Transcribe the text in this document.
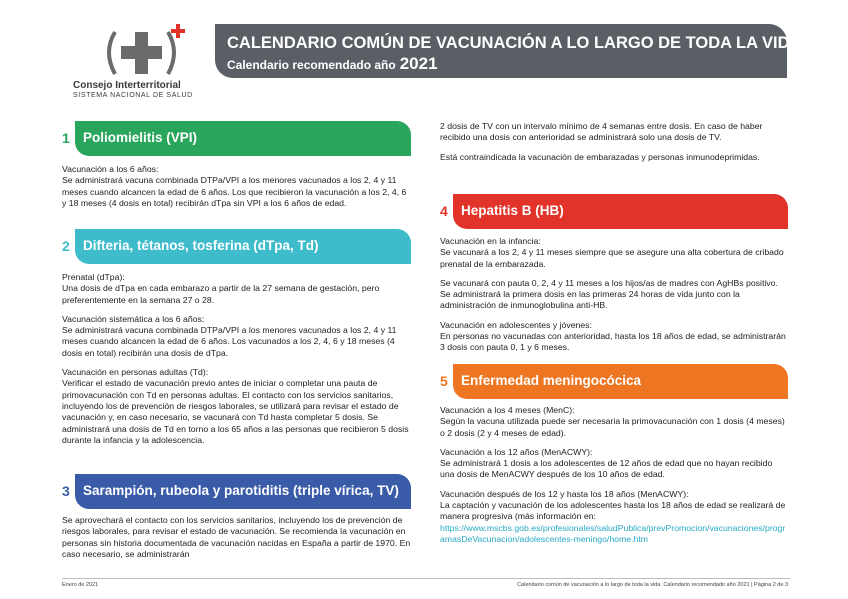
Consejo Interterritorial
SISTEMA NACIONAL DE SALUD
CALENDARIO COMÚN DE VACUNACIÓN A LO LARGO DE TODA LA VIDA
Calendario recomendado año 2021
1 Poliomielitis (VPI)

Vacunación a los 6 años:
Se administrará vacuna combinada DTPa/VPI a los menores vacunados a los 2, 4 y 11 meses cuando alcancen la edad de 6 años. Los que recibieron la vacunación a los 2, 4, 6 y 18 meses (4 dosis en total) recibirán dTpa sin VPI a los 6 años de edad.

2 Difteria, tétanos, tosferina (dTpa, Td)

Prenatal (dTpa):
Una dosis de dTpa en cada embarazo a partir de la 27 semana de gestación, pero preferentemente en la semana 27 o 28.

Vacunación sistemática a los 6 años:
Se administrará vacuna combinada DTPa/VPI a los menores vacunados a los 2, 4 y 11 meses cuando alcancen la edad de 6 años. Los vacunados a los 2, 4, 6 y 18 meses (4 dosis en total) recibirán una dosis de dTpa.

Vacunación en personas adultas (Td):
Verificar el estado de vacunación previo antes de iniciar o completar una pauta de primovacunación con Td en personas adultas. El contacto con los servicios sanitarios, incluyendo los de prevención de riesgos laborales, se utilizará para revisar el estado de vacunación y, en caso necesario, se vacunará con Td hasta completar 5 dosis. Se administrará una dosis de Td en torno a los 65 años a las personas que recibieron 5 dosis durante la infancia y la adolescencia.

3 Sarampión, rubeola y parotiditis (triple vírica, TV)

Se aprovechará el contacto con los servicios sanitarios, incluyendo los de prevención de riesgos laborales, para revisar el estado de vacunación. Se recomienda la vacunación en personas sin historia documentada de vacunación nacidas en España a partir de 1970. En caso necesario, se administrarán

2 dosis de TV con un intervalo mínimo de 4 semanas entre dosis. En caso de haber recibido una dosis con anterioridad se administrará solo una dosis de TV.

Está contraindicada la vacunación de embarazadas y personas inmunodeprimidas.

4 Hepatitis B (HB)

Vacunación en la infancia:
Se vacunará a los 2, 4 y 11 meses siempre que se asegure una alta cobertura de cribado prenatal de la embarazada.

Se vacunará con pauta 0, 2, 4 y 11 meses a los hijos/as de madres con AgHBs positivo. Se administrará la primera dosis en las primeras 24 horas de vida junto con la administración de inmunoglobulina anti-HB.

Vacunación en adolescentes y jóvenes:
En personas no vacunadas con anterioridad, hasta los 18 años de edad, se administrarán 3 dosis con pauta 0, 1 y 6 meses.

5 Enfermedad meningocócica

Vacunación a los 4 meses (MenC):
Según la vacuna utilizada puede ser necesaria la primovacunación con 1 dosis (4 meses) o 2 dosis (2 y 4 meses de edad).

Vacunación a los 12 años (MenACWY):
Se administrará 1 dosis a los adolescentes de 12 años de edad que no hayan recibido una dosis de MenACWY después de los 10 años de edad.

Vacunación después de los 12 y hasta los 18 años (MenACWY):
La captación y vacunación de los adolescentes hasta los 18 años de edad se realizará de manera progresiva (más información en:
https://www.mscbs.gob.es/profesionales/saludPublica/prevPromocion/vacunaciones/programasDeVacunacion/adolescentes-meningo/home.htm

Enero de 2021	Calendario común de vacunación a lo largo de toda la vida. Calendario recomendado año 2021 | Página 2 de 3
